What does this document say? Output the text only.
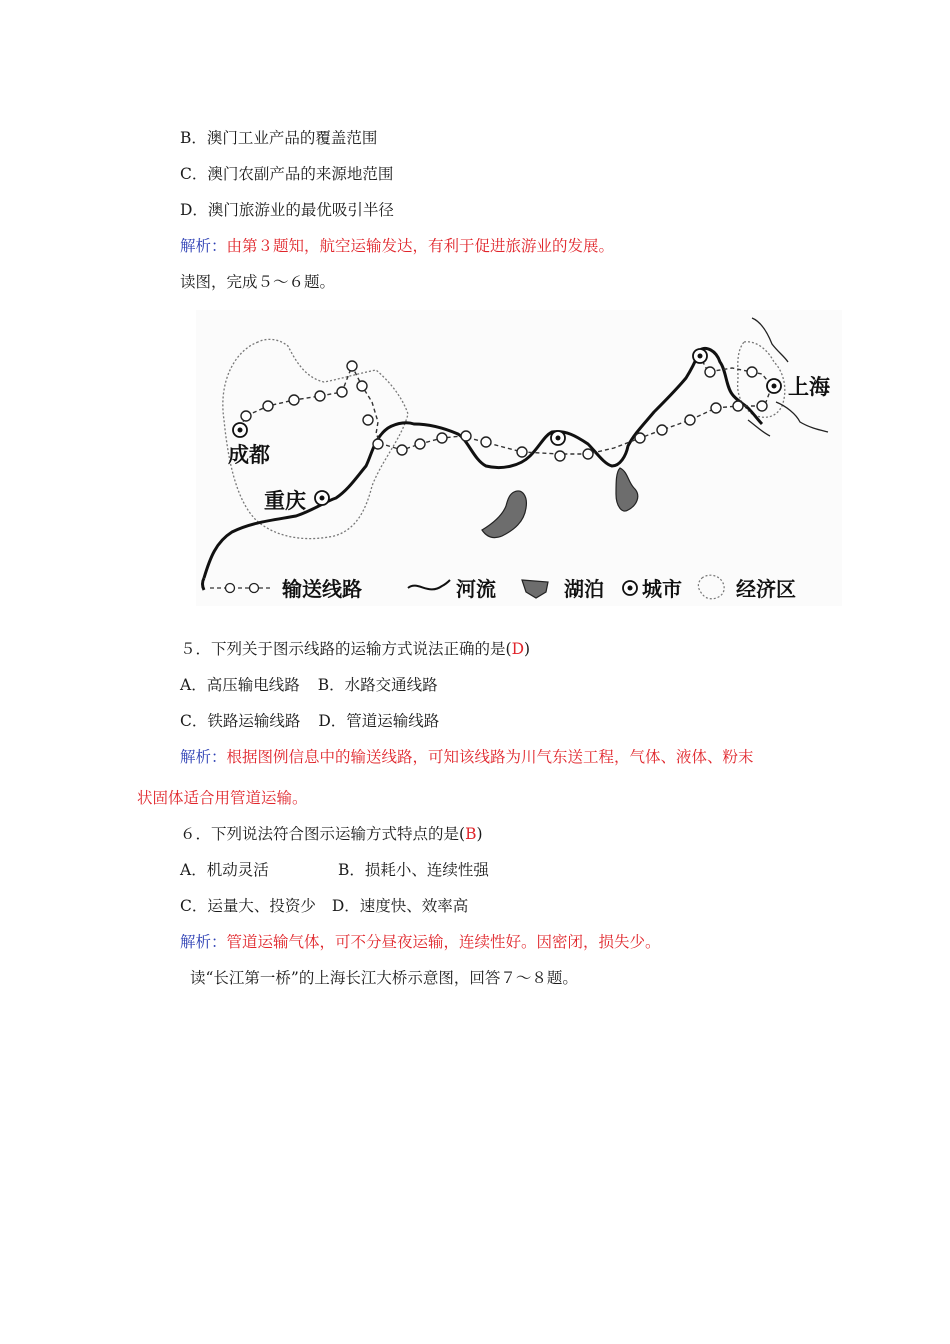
B．澳门工业产品的覆盖范围
C．澳门农副产品的来源地范围
D．澳门旅游业的最优吸引半径
解析：由第３题知，航空运输发达，有利于促进旅游业的发展。
读图，完成５～６题。
成都
重庆
上海
输送线路	河流	湖泊 城市	经济区
５．下列关于图示线路的运输方式说法正确的是(D)
A．高压输电线路 B．水路交通线路
C．铁路运输线路 D．管道运输线路
解析：根据图例信息中的输送线路，可知该线路为川气东送工程，气体、液体、粉末
状固体适合用管道运输。
６．下列说法符合图示运输方式特点的是(B)
A．机动灵活	B．损耗小、连续性强
C．运量大、投资少 D．速度快、效率高
解析：管道运输气体，可不分昼夜运输，连续性好。因密闭，损失少。
读“长江第一桥”的上海长江大桥示意图，回答７～８题。
